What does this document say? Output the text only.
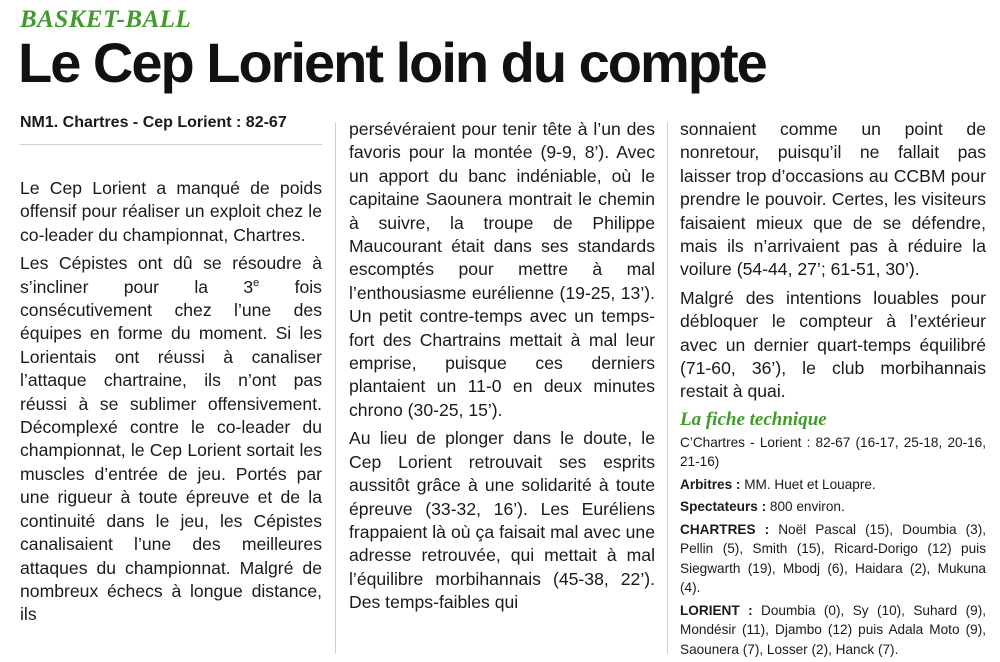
BASKET-BALL
Le Cep Lorient loin du compte
NM1. Chartres - Cep Lorient : 82-67

Le Cep Lorient a manqué de poids offensif pour réaliser un exploit chez le co-leader du championnat, Chartres.

Les Cépistes ont dû se résoudre à s’incliner pour la 3e fois consécutivement chez l’une des équipes en forme du moment. Si les Lorientais ont réussi à canaliser l’attaque chartraine, ils n’ont pas réussi à se sublimer offensivement. Décomplexé contre le co-leader du championnat, le Cep Lorient sortait les muscles d’entrée de jeu. Portés par une rigueur à toute épreuve et de la continuité dans le jeu, les Cépistes canalisaient l’une des meilleures attaques du championnat. Malgré de nombreux échecs à longue distance, ils

persévéraient pour tenir tête à l’un des favoris pour la montée (9-9, 8’). Avec un apport du banc indéniable, où le capitaine Saounera montrait le chemin à suivre, la troupe de Philippe Maucourant était dans ses standards escomptés pour mettre à mal l’enthousiasme eurélienne (19-25, 13’). Un petit contre-temps avec un temps-fort des Chartrains mettait à mal leur emprise, puisque ces derniers plantaient un 11-0 en deux minutes chrono (30-25, 15’).

Au lieu de plonger dans le doute, le Cep Lorient retrouvait ses esprits aussitôt grâce à une solidarité à toute épreuve (33-32, 16’). Les Euréliens frappaient là où ça faisait mal avec une adresse retrouvée, qui mettait à mal l’équilibre morbihannais (45-38, 22’). Des temps-faibles qui

sonnaient comme un point de nonretour, puisqu’il ne fallait pas laisser trop d’occasions au CCBM pour prendre le pouvoir. Certes, les visiteurs faisaient mieux que de se défendre, mais ils n’arrivaient pas à réduire la voilure (54-44, 27’; 61-51, 30’).

Malgré des intentions louables pour débloquer le compteur à l’extérieur avec un dernier quart-temps équilibré (71-60, 36’), le club morbihannais restait à quai.

La fiche technique
C’Chartres - Lorient : 82-67 (16-17, 25-18, 20-16, 21-16)
Arbitres : MM. Huet et Louapre.
Spectateurs : 800 environ.
CHARTRES : Noël Pascal (15), Doumbia (3), Pellin (5), Smith (15), Ricard-Dorigo (12) puis Siegwarth (19), Mbodj (6), Haidara (2), Mukuna (4).
LORIENT : Doumbia (0), Sy (10), Suhard (9), Mondésir (11), Djambo (12) puis Adala Moto (9), Saounera (7), Losser (2), Hanck (7).
